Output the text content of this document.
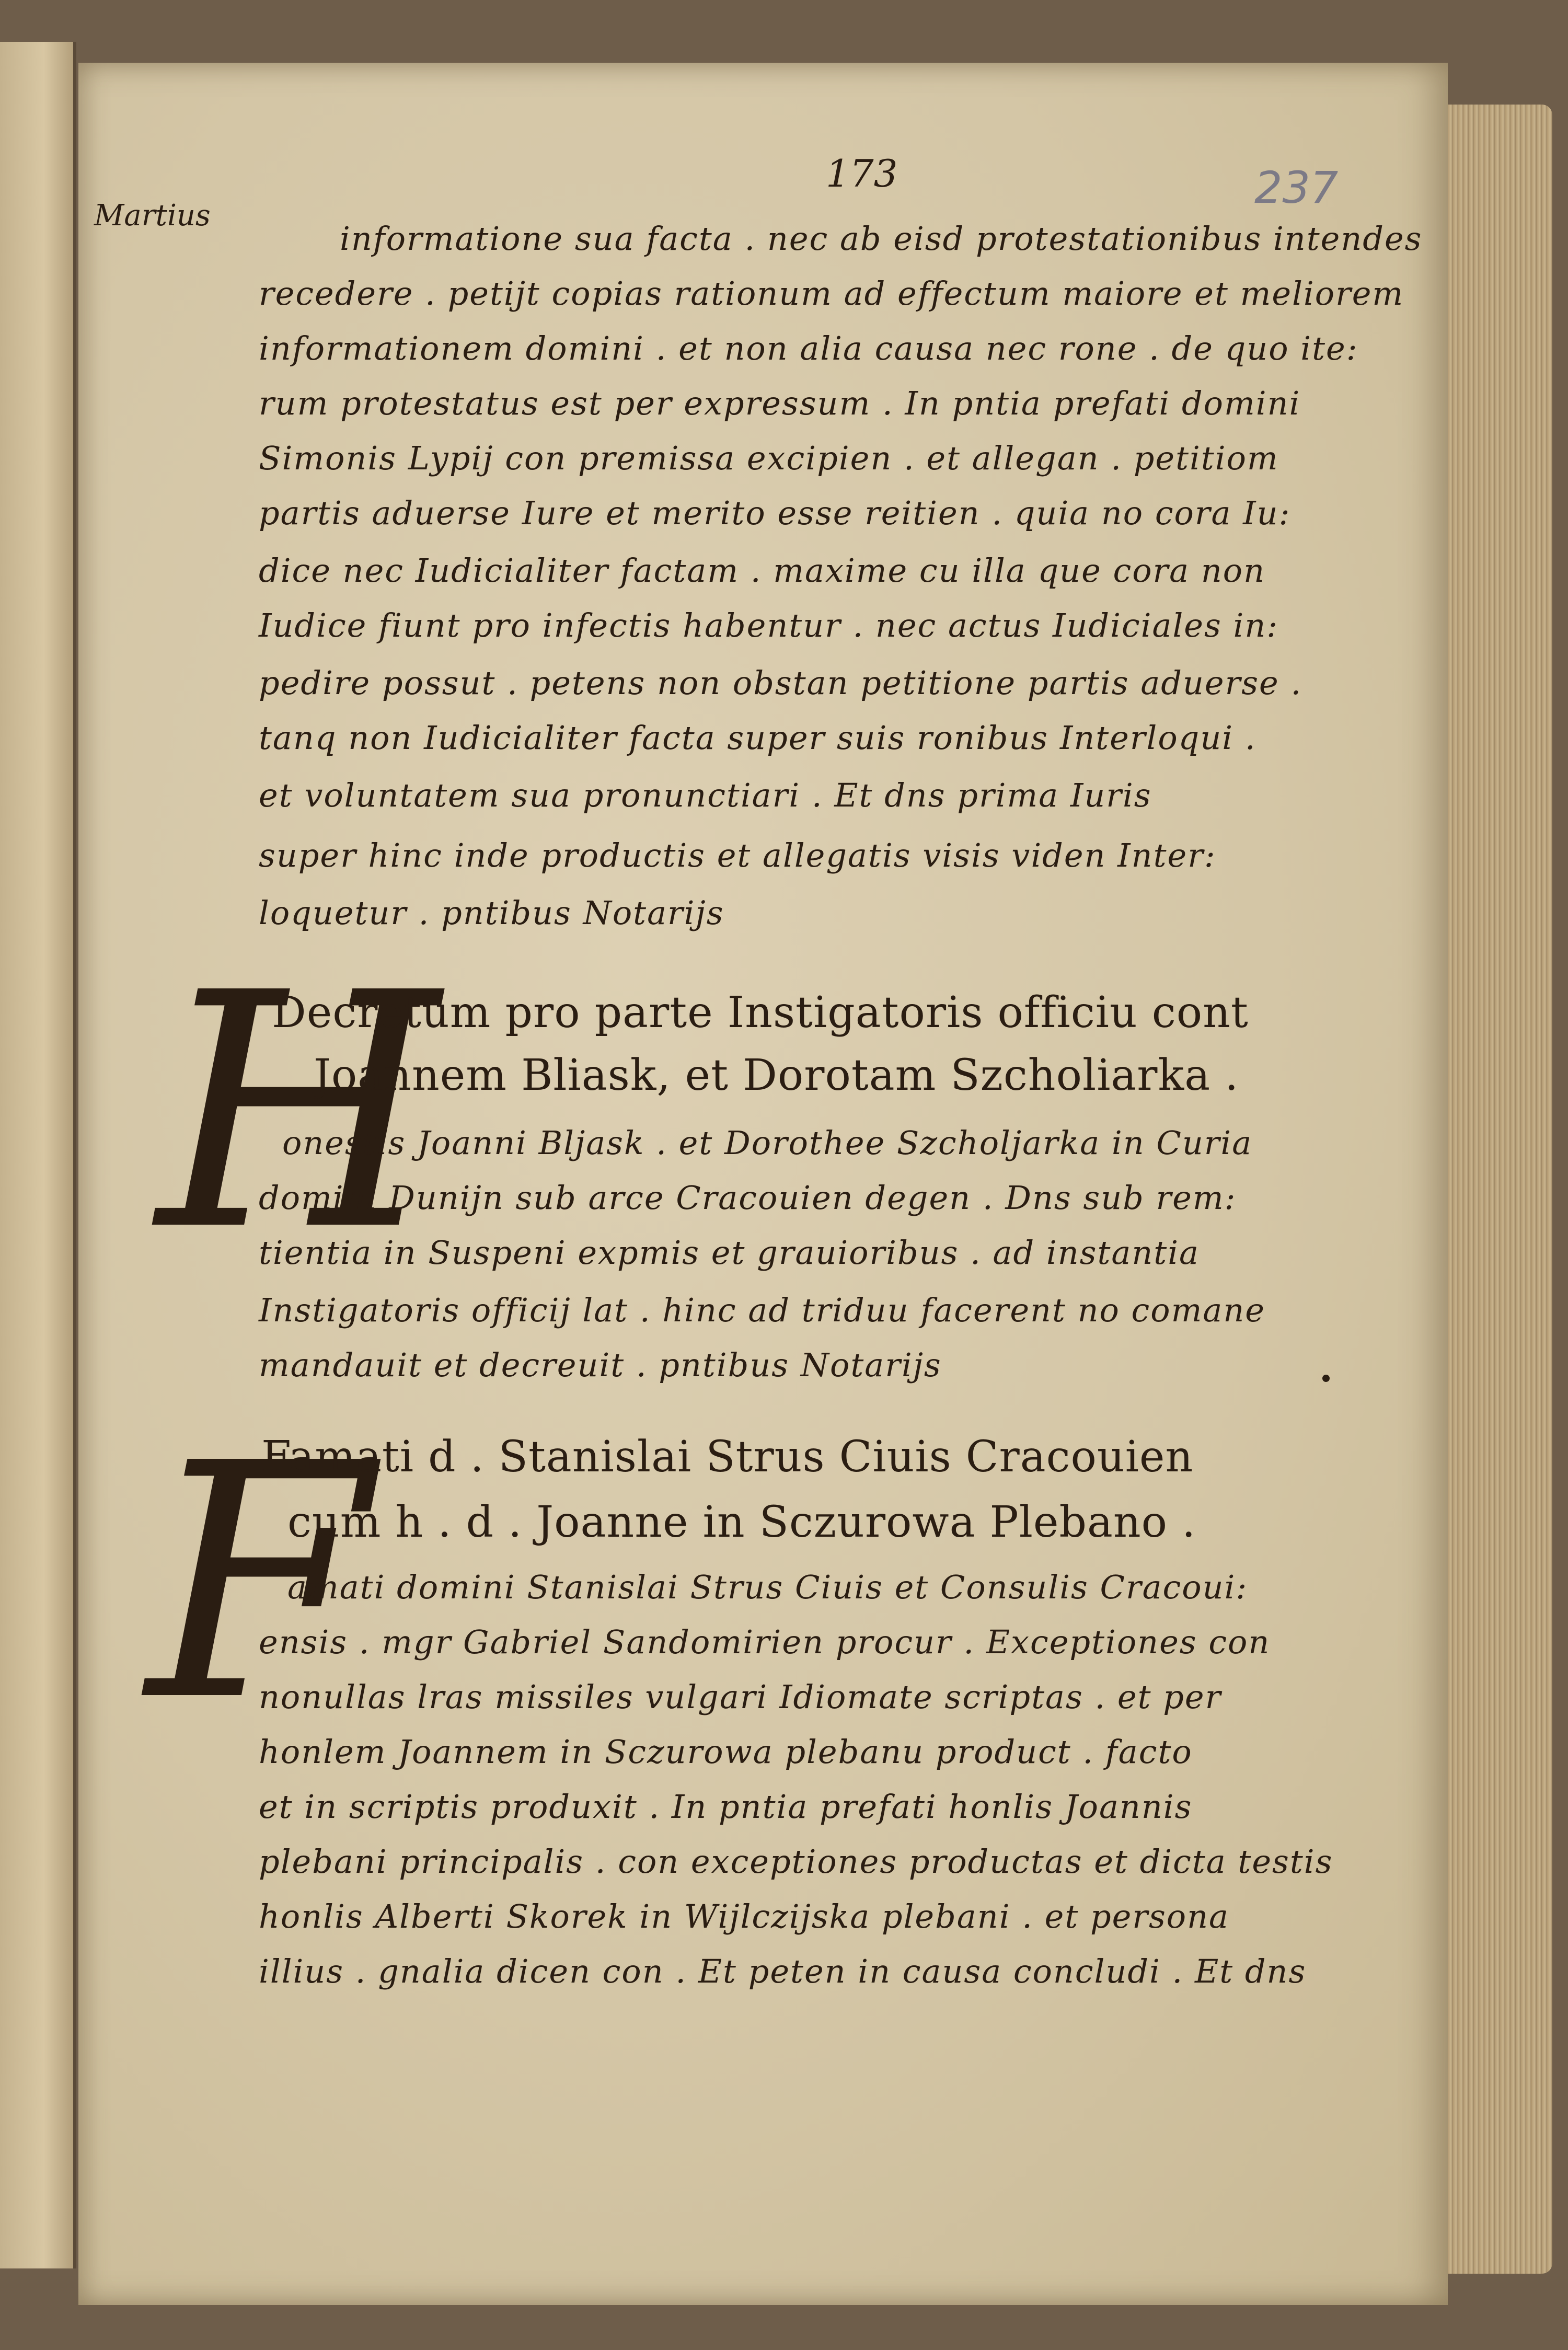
173	237
Martius
informatione sua facta . nec ab eisd protestationibus intendes
recedere . petijt copias rationum ad effectum maiore et meliorem
informationem domini . et non alia causa nec rone . de quo ite:
rum protestatus est per expressum . In pntia prefati domini
Simonis Lypij con premissa excipien . et allegan . petitiom
partis aduerse Iure et merito esse reitien . quia no cora Iu:
dice nec Iudicialiter factam . maxime cu illa que cora non
Iudice fiunt pro infectis habentur . nec actus Iudiciales in:
pedire possut . petens non obstan petitione partis aduerse .
tanq non Iudicialiter facta super suis ronibus Interloqui .
et voluntatem sua pronunctiari . Et dns prima Iuris
super hinc inde productis et allegatis visis viden Inter:
loquetur . pntibus Notarijs
H
Decretum pro parte Instigatoris officiu cont
Joannem Bliask, et Dorotam Szcholiarka .
onestis Joanni Bljask . et Dorothee Szcholjarka in Curia
domini Dunijn sub arce Cracouien degen . Dns sub rem:
tientia in Suspeni expmis et grauioribus . ad instantia
Instigatoris officij lat . hinc ad triduu facerent no comane
mandauit et decreuit . pntibus Notarijs
F
Famati d . Stanislai Strus Ciuis Cracouien
cum h . d . Joanne in Sczurowa Plebano .
amati domini Stanislai Strus Ciuis et Consulis Cracoui:
ensis . mgr Gabriel Sandomirien procur . Exceptiones con
nonullas lras missiles vulgari Idiomate scriptas . et per
honlem Joannem in Sczurowa plebanu product . facto
et in scriptis produxit . In pntia prefati honlis Joannis
plebani principalis . con exceptiones productas et dicta testis
honlis Alberti Skorek in Wijlczijska plebani . et persona
illius . gnalia dicen con . Et peten in causa concludi . Et dns
